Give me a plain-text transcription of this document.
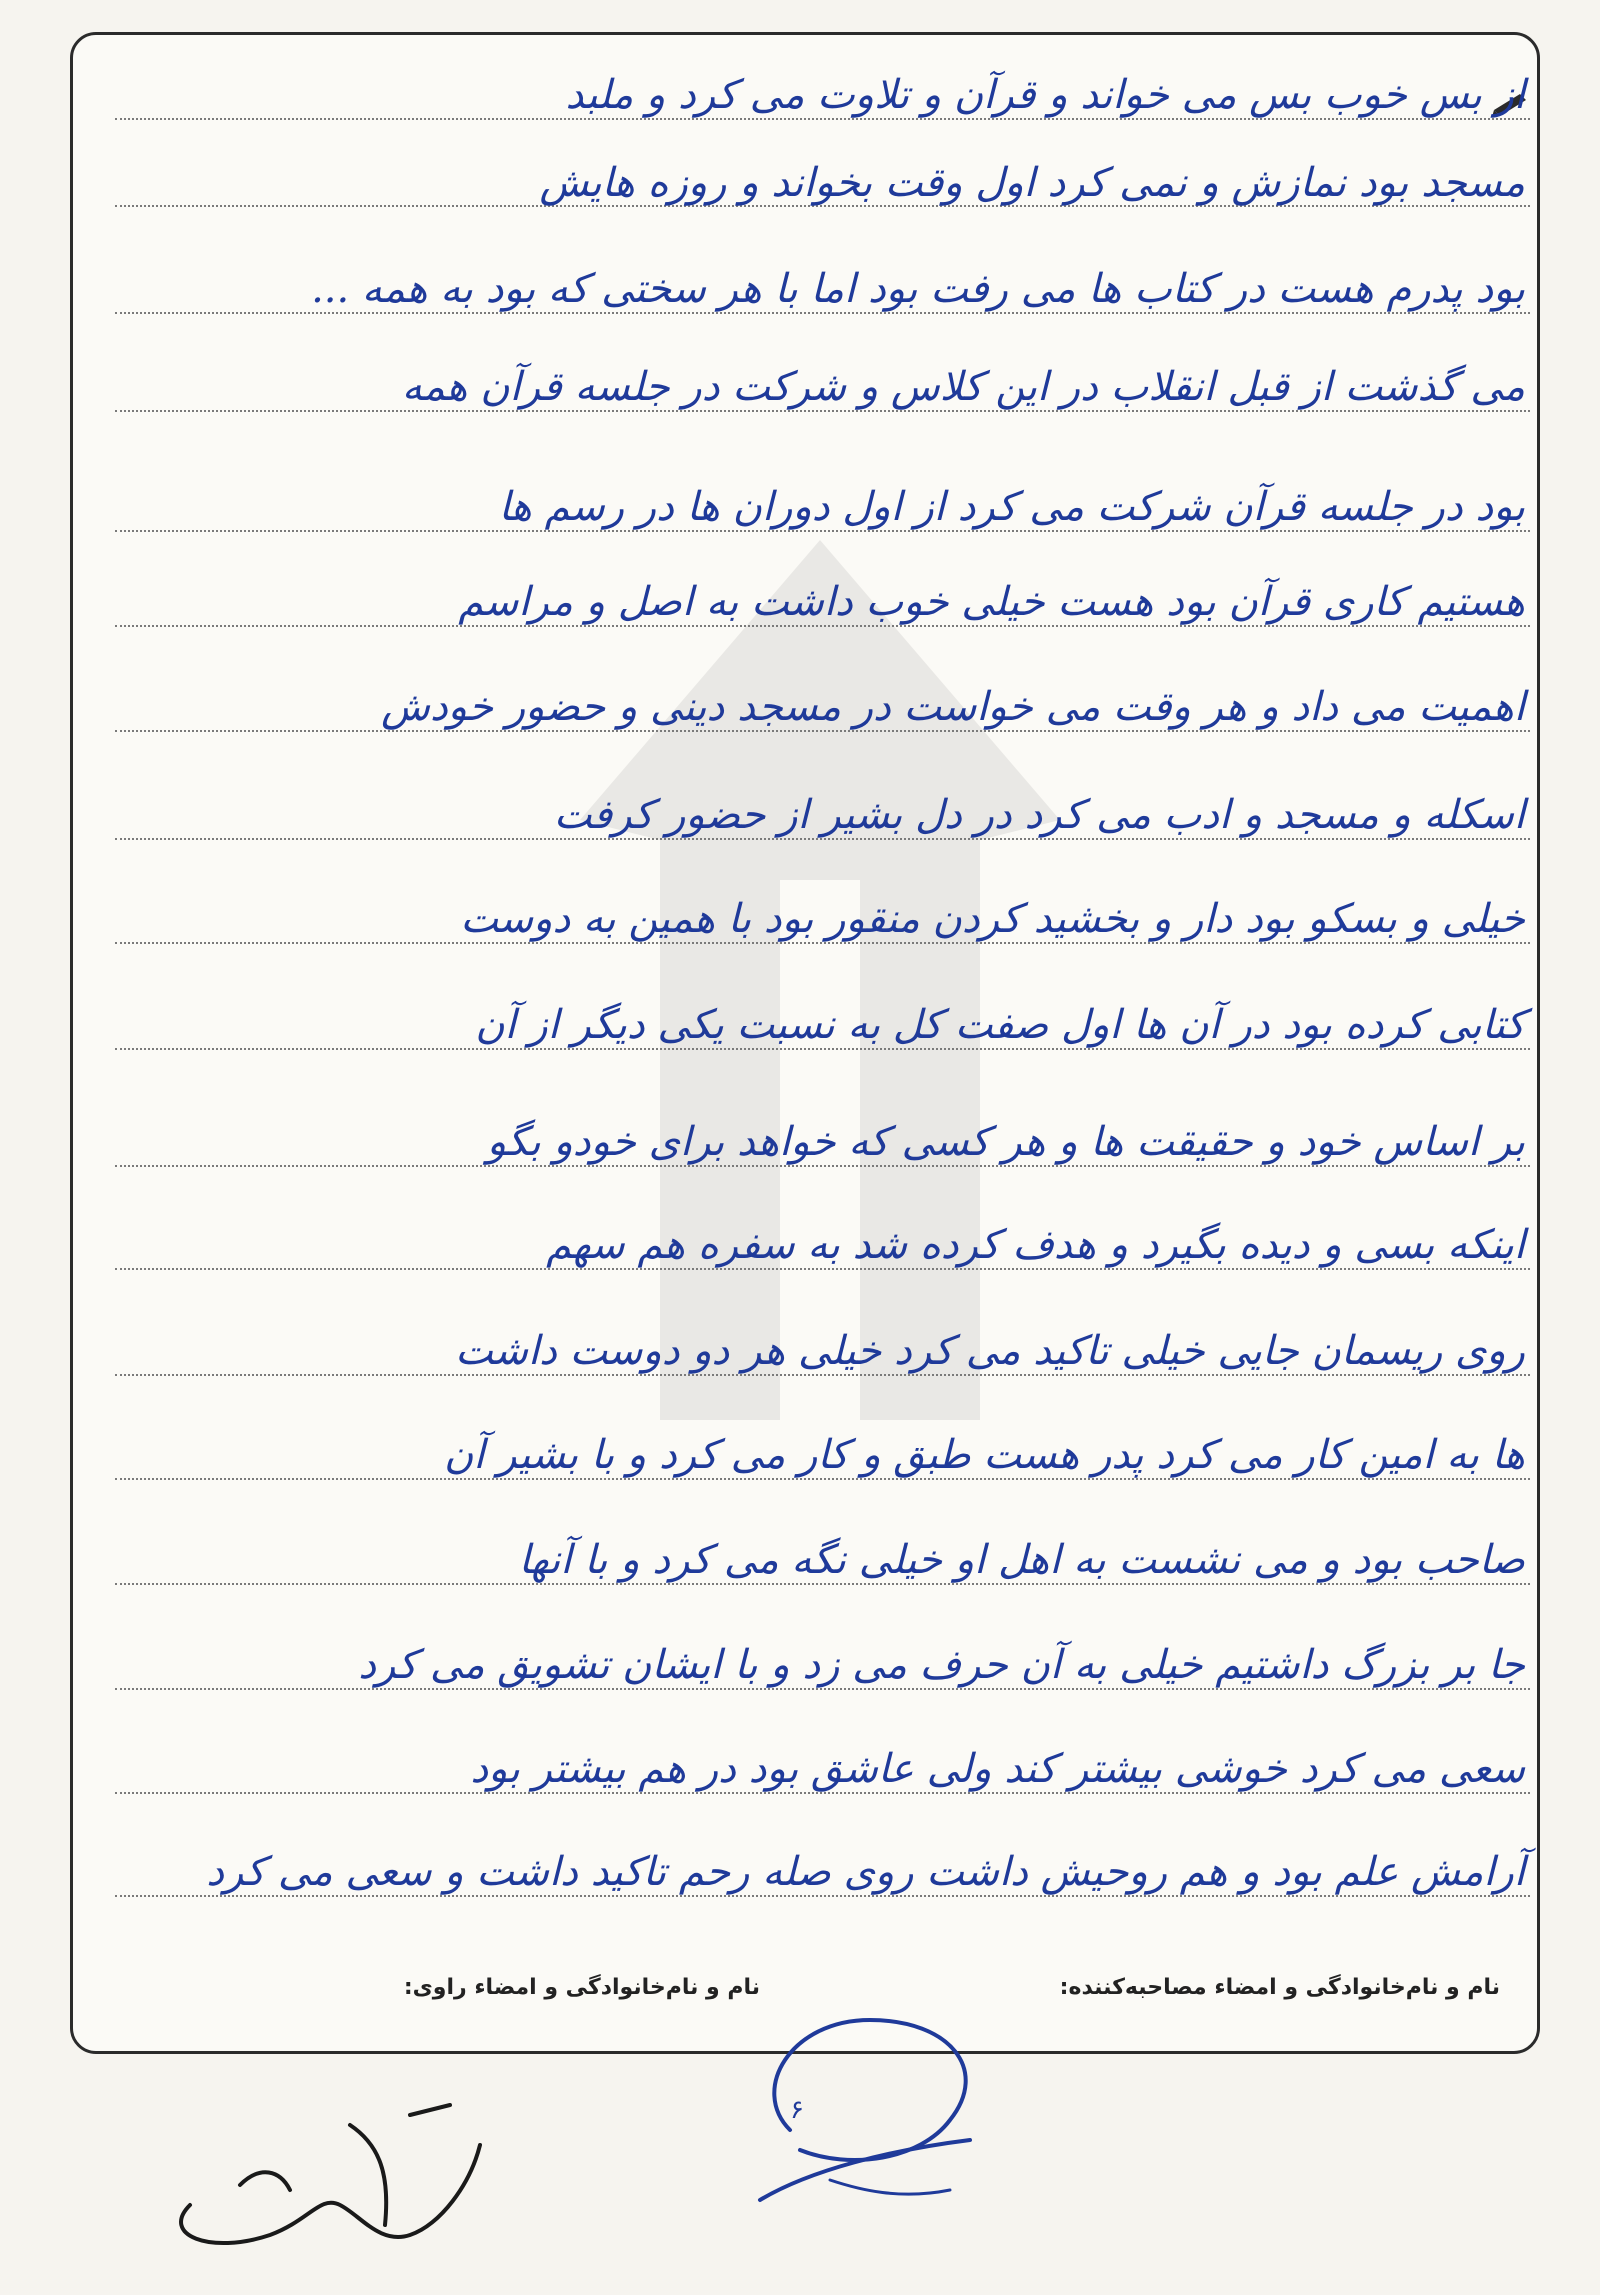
از بس خوب بس می خواند و قرآن و تلاوت می کرد و ملبد
مسجد بود نمازش و نمی کرد اول وقت بخواند و روزه هایش
بود پدرم هست در کتاب ها می رفت بود اما با هر سختی که بود به همه ...
می گذشت از قبل انقلاب در این کلاس و شرکت در جلسه قرآن همه
بود در جلسه قرآن شرکت می کرد از اول دوران ها در رسم ها
هستیم کاری قرآن بود هست خیلی خوب داشت به اصل و مراسم
اهمیت می داد و هر وقت می خواست در مسجد دینی و حضور خودش
اسکله و مسجد و ادب می کرد در دل بشیر از حضور کرفت
خیلی و بسکو بود دار و بخشید کردن منقور بود با همین به دوست
کتابی کرده بود در آن ها اول صفت کل به نسبت یکی دیگر از آن
بر اساس خود و حقیقت ها و هر کسی که خواهد برای خودو بگو
اینکه بسی و دیده بگیرد و هدف کرده شد به سفره هم سهم
روی ریسمان جایی خیلی تاکید می کرد خیلی هر دو دوست داشت
ها به امین کار می کرد پدر هست طبق و کار می کرد و با بشیر آن
صاحب بود و می نشست به اهل او خیلی نگه می کرد و با آنها
جا بر بزرگ داشتیم خیلی به آن حرف می زد و با ایشان تشویق می کرد
سعی می کرد خوشی بیشتر کند ولی عاشق بود در هم بیشتر بود
آرامش علم بود و هم روحیش داشت روی صله رحم تاکید داشت و سعی می کرد
نام و نام‌خانوادگی و امضاء مصاحبه‌کننده:
نام و نام‌خانوادگی و امضاء راوی:
۶
